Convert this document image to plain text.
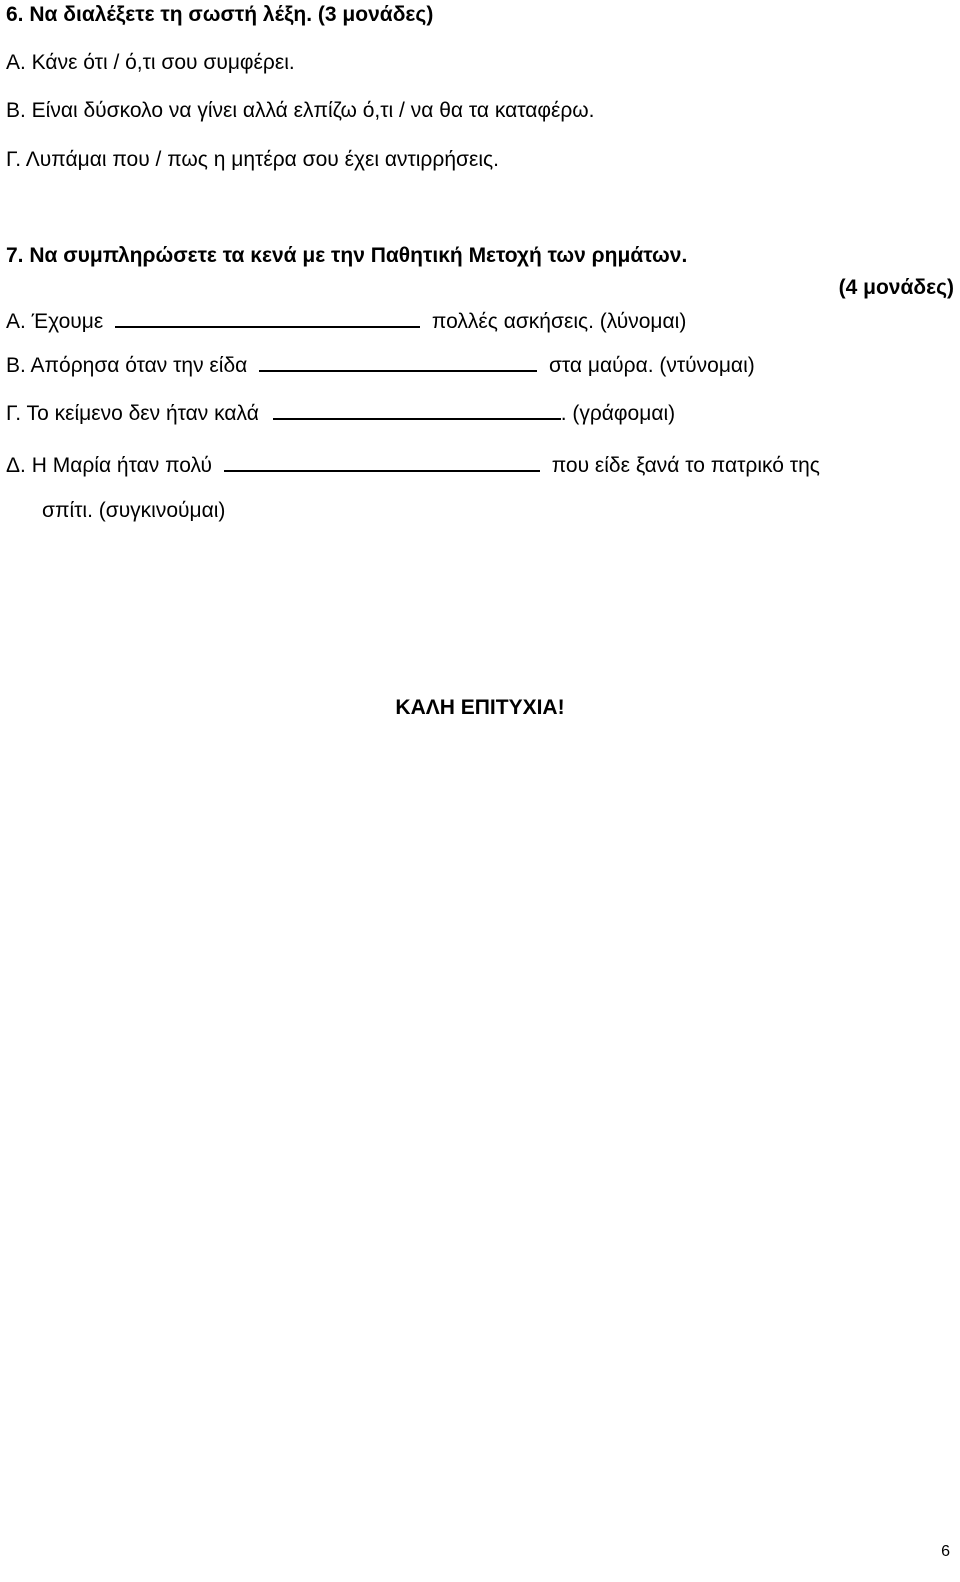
6. Να διαλέξετε τη σωστή λέξη. (3 μονάδες)
Α. Κάνε ότι / ό,τι σου συμφέρει.
Β. Είναι δύσκολο να γίνει αλλά ελπίζω ό,τι / να θα τα καταφέρω.
Γ. Λυπάμαι που / πως η μητέρα σου έχει αντιρρήσεις.
7. Να συμπληρώσετε τα κενά με την Παθητική Μετοχή των ρημάτων.
(4 μονάδες)
Α. Έχουμε	πολλές ασκήσεις. (λύνομαι)
Β. Απόρησα όταν την είδα	στα μαύρα. (ντύνομαι)
Γ. Το κείμενο δεν ήταν καλά	. (γράφομαι)
Δ. Η Μαρία ήταν πολύ	που είδε ξανά το πατρικό της
σπίτι. (συγκινούμαι)
ΚΑΛΗ ΕΠΙΤΥΧΙΑ!
6
